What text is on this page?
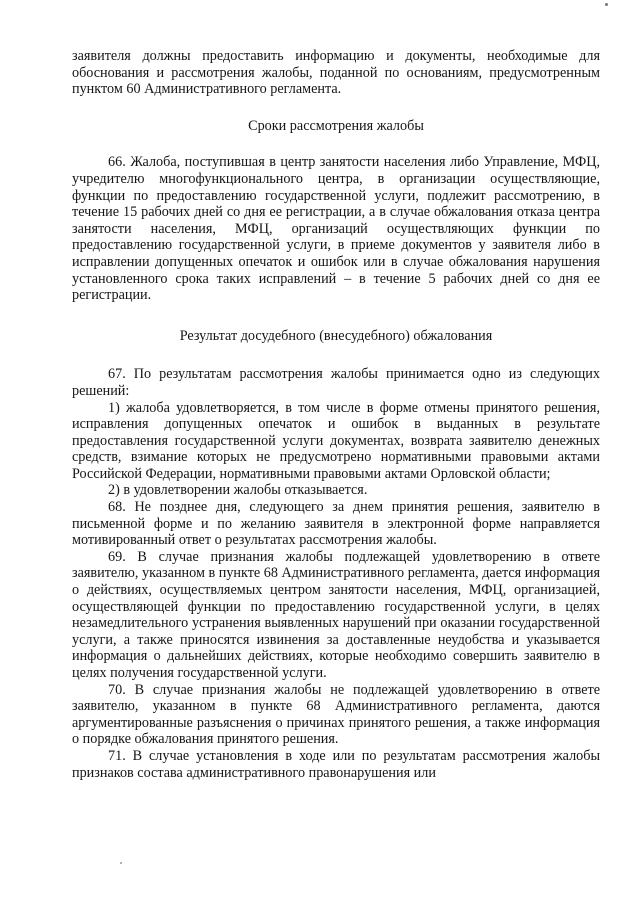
заявителя должны предоставить информацию и документы, необходимые для обоснования и рассмотрения жалобы, поданной по основаниям, предусмотренным пунктом 60 Административного регламента.

Сроки рассмотрения жалобы

66. Жалоба, поступившая в центр занятости населения либо Управление, МФЦ, учредителю многофункционального центра, в организации осуществляющие, функции по предоставлению государственной услуги, подлежит рассмотрению, в течение 15 рабочих дней со дня ее регистрации, а в случае обжалования отказа центра занятости населения, МФЦ, организаций осуществляющих функции по предоставлению государственной услуги, в приеме документов у заявителя либо в исправлении допущенных опечаток и ошибок или в случае обжалования нарушения установленного срока таких исправлений – в течение 5 рабочих дней со дня ее регистрации.

Результат досудебного (внесудебного) обжалования

67. По результатам рассмотрения жалобы принимается одно из следующих решений:

1) жалоба удовлетворяется, в том числе в форме отмены принятого решения, исправления допущенных опечаток и ошибок в выданных в результате предоставления государственной услуги документах, возврата заявителю денежных средств, взимание которых не предусмотрено нормативными правовыми актами Российской Федерации, нормативными правовыми актами Орловской области;

2) в удовлетворении жалобы отказывается.

68. Не позднее дня, следующего за днем принятия решения, заявителю в письменной форме и по желанию заявителя в электронной форме направляется мотивированный ответ о результатах рассмотрения жалобы.

69. В случае признания жалобы подлежащей удовлетворению в ответе заявителю, указанном в пункте 68 Административного регламента, дается информация о действиях, осуществляемых центром занятости населения, МФЦ, организацией, осуществляющей функции по предоставлению государственной услуги, в целях незамедлительного устранения выявленных нарушений при оказании государственной услуги, а также приносятся извинения за доставленные неудобства и указывается информация о дальнейших действиях, которые необходимо совершить заявителю в целях получения государственной услуги.

70. В случае признания жалобы не подлежащей удовлетворению в ответе заявителю, указанном в пункте 68 Административного регламента, даются аргументированные разъяснения о причинах принятого решения, а также информация о порядке обжалования принятого решения.

71. В случае установления в ходе или по результатам рассмотрения жалобы признаков состава административного правонарушения или
